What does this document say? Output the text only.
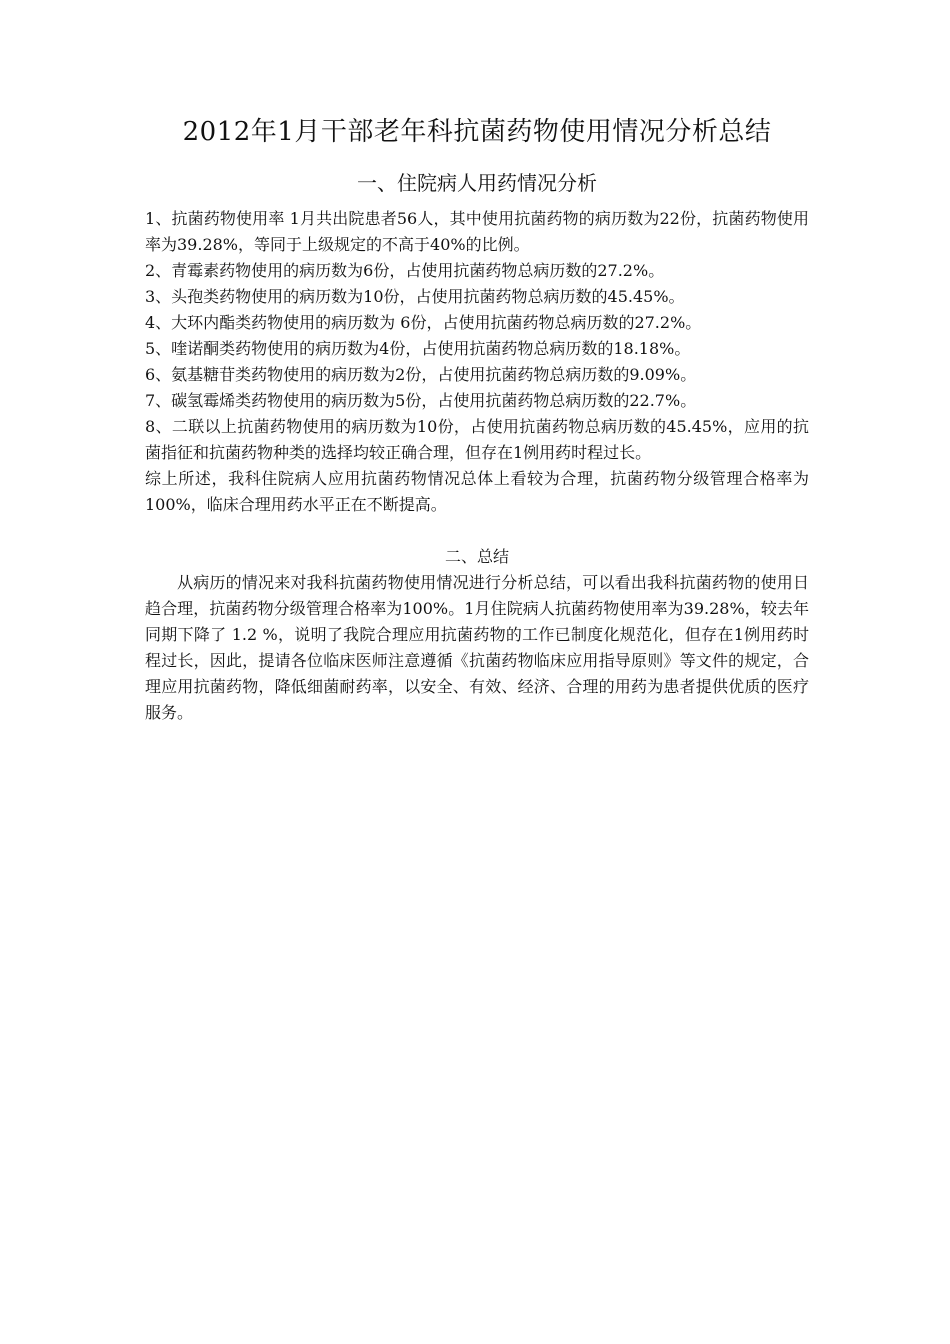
2012年1月干部老年科抗菌药物使用情况分析总结
一、住院病人用药情况分析

1、抗菌药物使用率 1月共出院患者56人，其中使用抗菌药物的病历数为22份，抗菌药物使用率为39.28%，等同于上级规定的不高于40%的比例。

2、青霉素药物使用的病历数为6份，占使用抗菌药物总病历数的27.2%。

3、头孢类药物使用的病历数为10份，占使用抗菌药物总病历数的45.45%。

4、大环内酯类药物使用的病历数为 6份，占使用抗菌药物总病历数的27.2%。

5、喹诺酮类药物使用的病历数为4份，占使用抗菌药物总病历数的18.18%。

6、氨基糖苷类药物使用的病历数为2份，占使用抗菌药物总病历数的9.09%。

7、碳氢霉烯类药物使用的病历数为5份，占使用抗菌药物总病历数的22.7%。

8、二联以上抗菌药物使用的病历数为10份，占使用抗菌药物总病历数的45.45%，应用的抗菌指征和抗菌药物种类的选择均较正确合理，但存在1例用药时程过长。

综上所述，我科住院病人应用抗菌药物情况总体上看较为合理，抗菌药物分级管理合格率为100%，临床合理用药水平正在不断提高。

二、总结

从病历的情况来对我科抗菌药物使用情况进行分析总结，可以看出我科抗菌药物的使用日趋合理，抗菌药物分级管理合格率为100%。1月住院病人抗菌药物使用率为39.28%，较去年同期下降了 1.2 %，说明了我院合理应用抗菌药物的工作已制度化规范化，但存在1例用药时程过长，因此，提请各位临床医师注意遵循《抗菌药物临床应用指导原则》等文件的规定，合理应用抗菌药物，降低细菌耐药率，以安全、有效、经济、合理的用药为患者提供优质的医疗服务。
